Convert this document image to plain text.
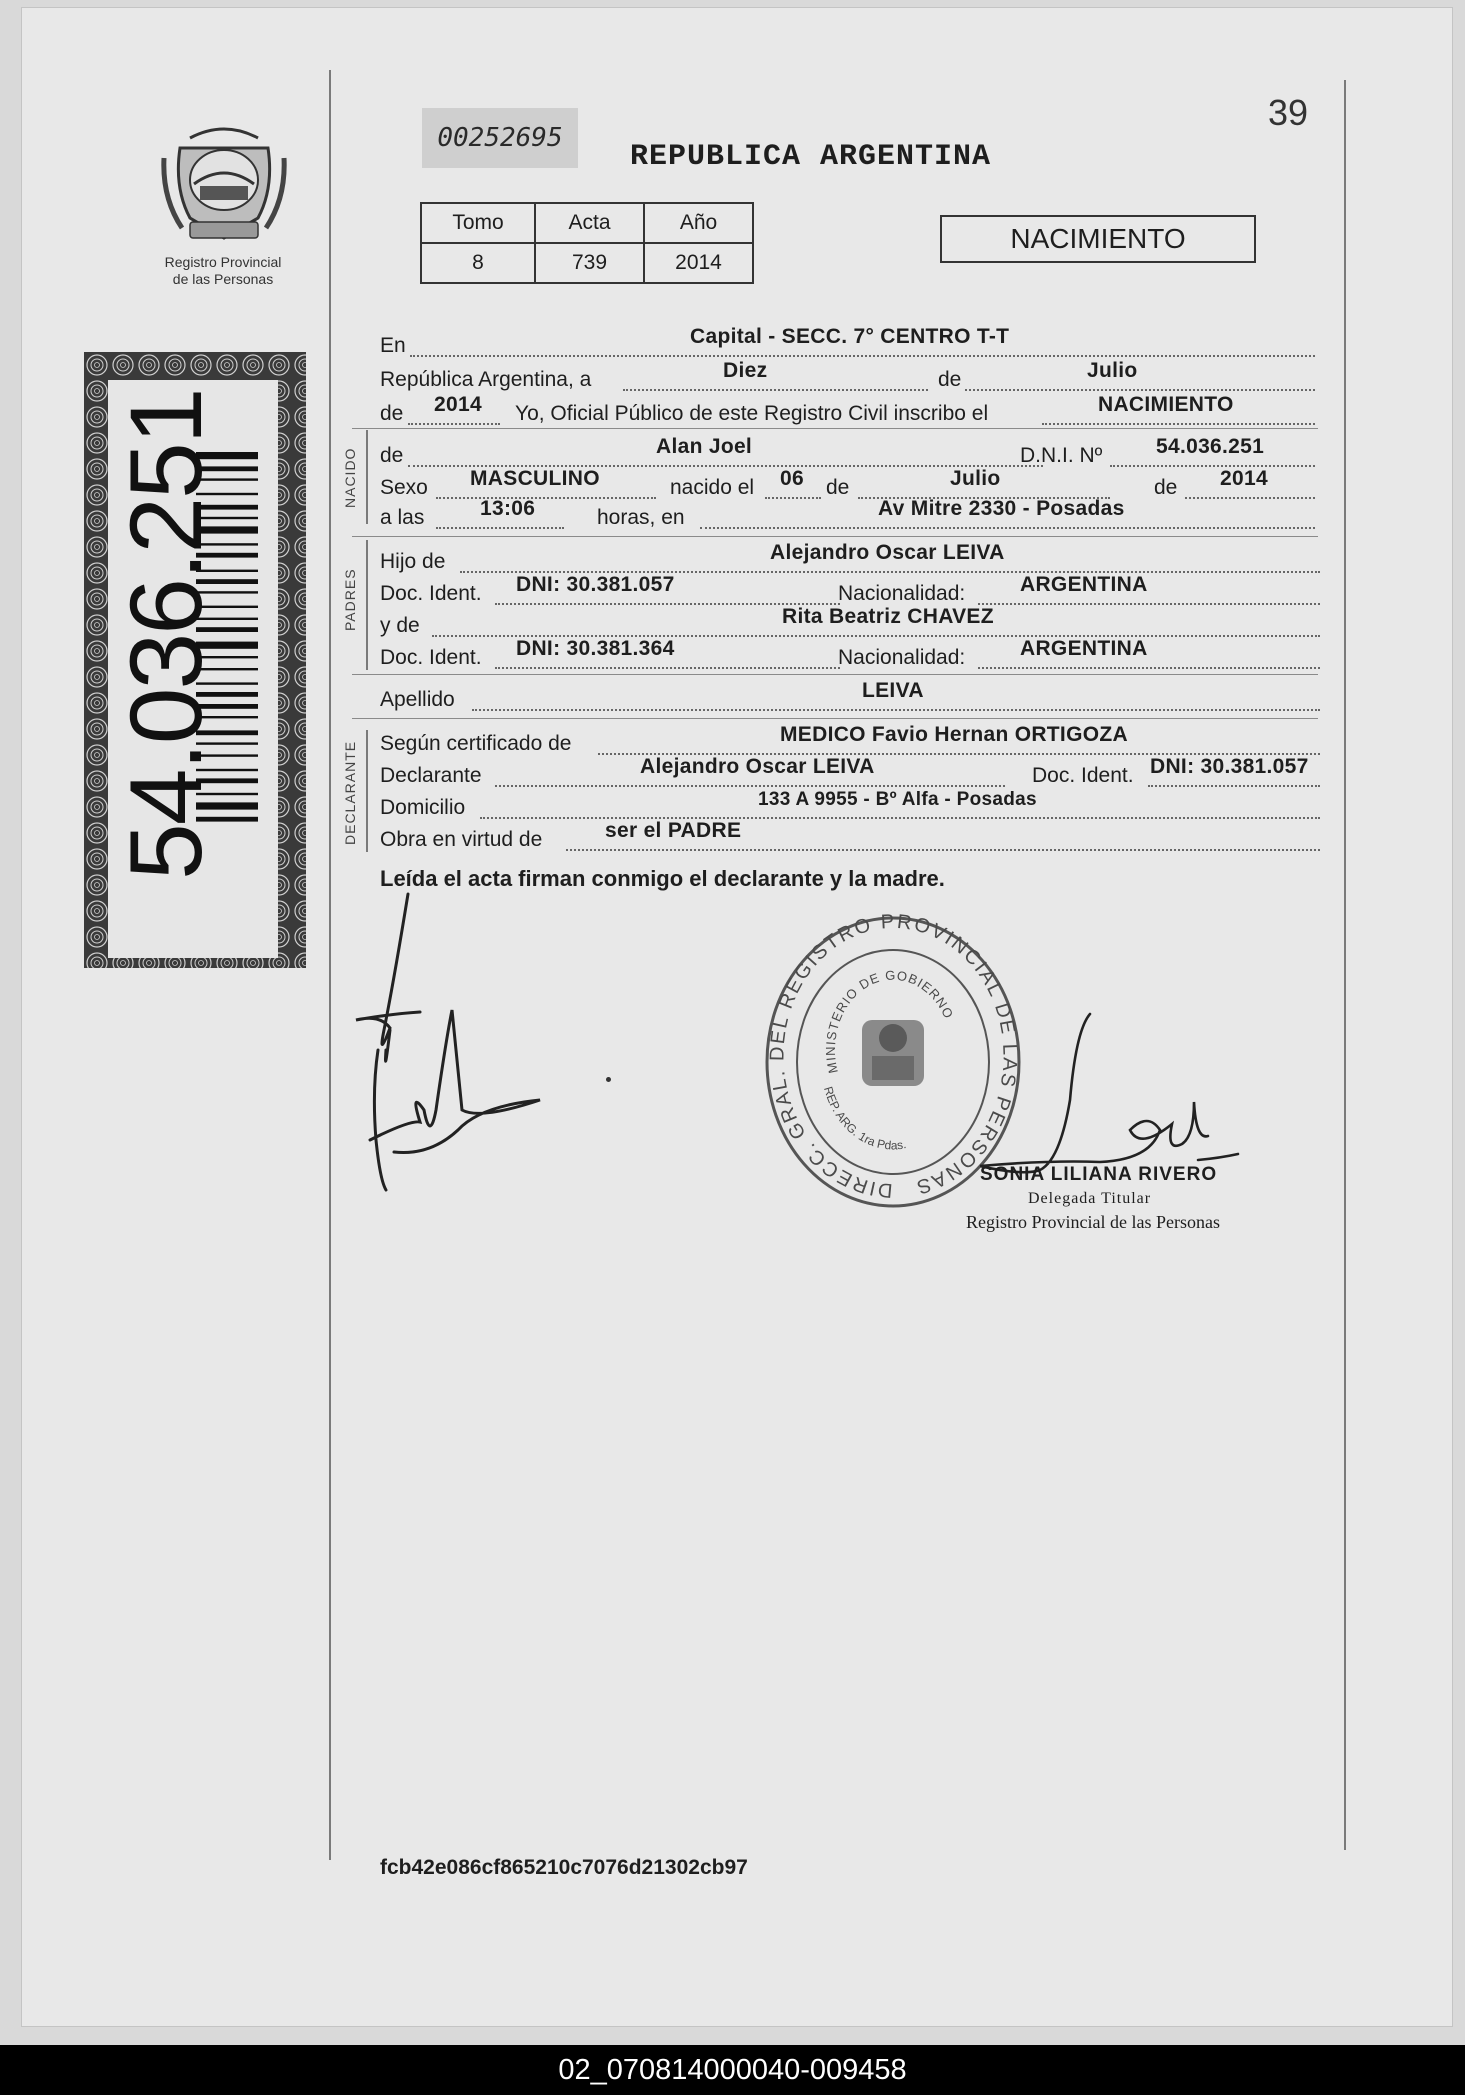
Registro Provincial
de las Personas
54.036.251
00252695
REPUBLICA ARGENTINA
39
Tomo	Acta	Año
8	739	2014
NACIMIENTO
NACIDO
PADRES
DECLARANTE
En	Capital - SECC. 7° CENTRO T-T
República Argentina, a	Diez	de	Julio
de 2014 Yo, Oficial Público de este Registro Civil inscribo el	NACIMIENTO
de	Alan Joel	D.N.I. Nº	54.036.251
Sexo MASCULINO	nacido el 06 de	Julio	de 2014
a las	13:06	horas, en	Av Mitre 2330 - Posadas
Hijo de	Alejandro Oscar LEIVA
Doc. Ident. DNI: 30.381.057	Nacionalidad:	ARGENTINA
y de	Rita Beatriz CHAVEZ
Doc. Ident. DNI: 30.381.364	Nacionalidad:	ARGENTINA
Apellido	LEIVA
Según certificado de	MEDICO Favio Hernan ORTIGOZA
Declarante	Alejandro Oscar LEIVA	Doc. Ident. DNI: 30.381.057
Domicilio	133 A 9955 - Bº Alfa - Posadas
Obra en virtud de	ser el PADRE
Leída el acta firman conmigo el declarante y la madre.
DIRECC. GRAL. DEL REGISTRO PROVINCIAL DE LAS PERSONAS
MINISTERIO DE GOBIERNO
REP. ARG. 1ra Pdas.
SONIA LILIANA RIVERO
Delegada Titular
Registro Provincial de las Personas
fcb42e086cf865210c7076d21302cb97
02_070814000040-009458
